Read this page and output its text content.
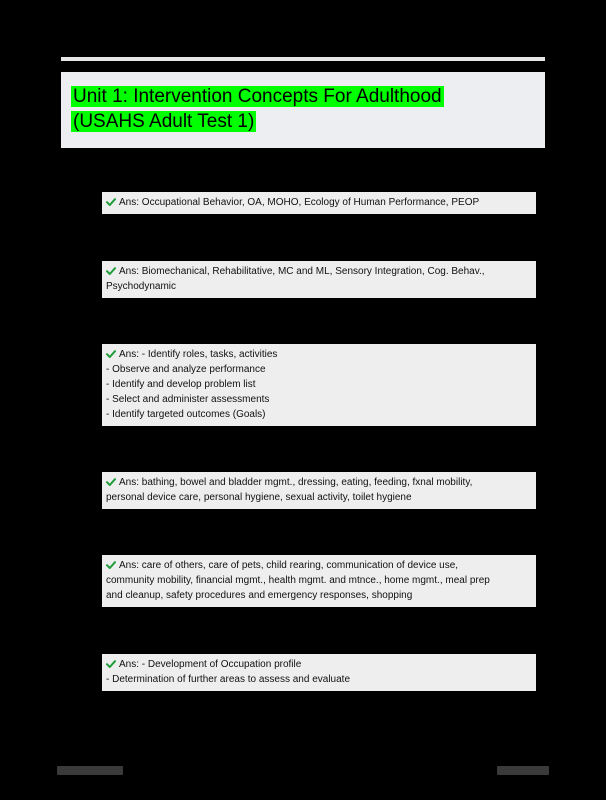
Unit 1: Intervention Concepts For Adulthood
(USAHS Adult Test 1)
Ans: Occupational Behavior, OA, MOHO, Ecology of Human Performance, PEOP
Ans: Biomechanical, Rehabilitative, MC and ML, Sensory Integration, Cog. Behav.,
Psychodynamic
Ans: - Identify roles, tasks, activities
- Observe and analyze performance
- Identify and develop problem list
- Select and administer assessments
- Identify targeted outcomes (Goals)
Ans: bathing, bowel and bladder mgmt., dressing, eating, feeding, fxnal mobility,
personal device care, personal hygiene, sexual activity, toilet hygiene
Ans: care of others, care of pets, child rearing, communication of device use,
community mobility, financial mgmt., health mgmt. and mtnce., home mgmt., meal prep
and cleanup, safety procedures and emergency responses, shopping
Ans: - Development of Occupation profile
- Determination of further areas to assess and evaluate
